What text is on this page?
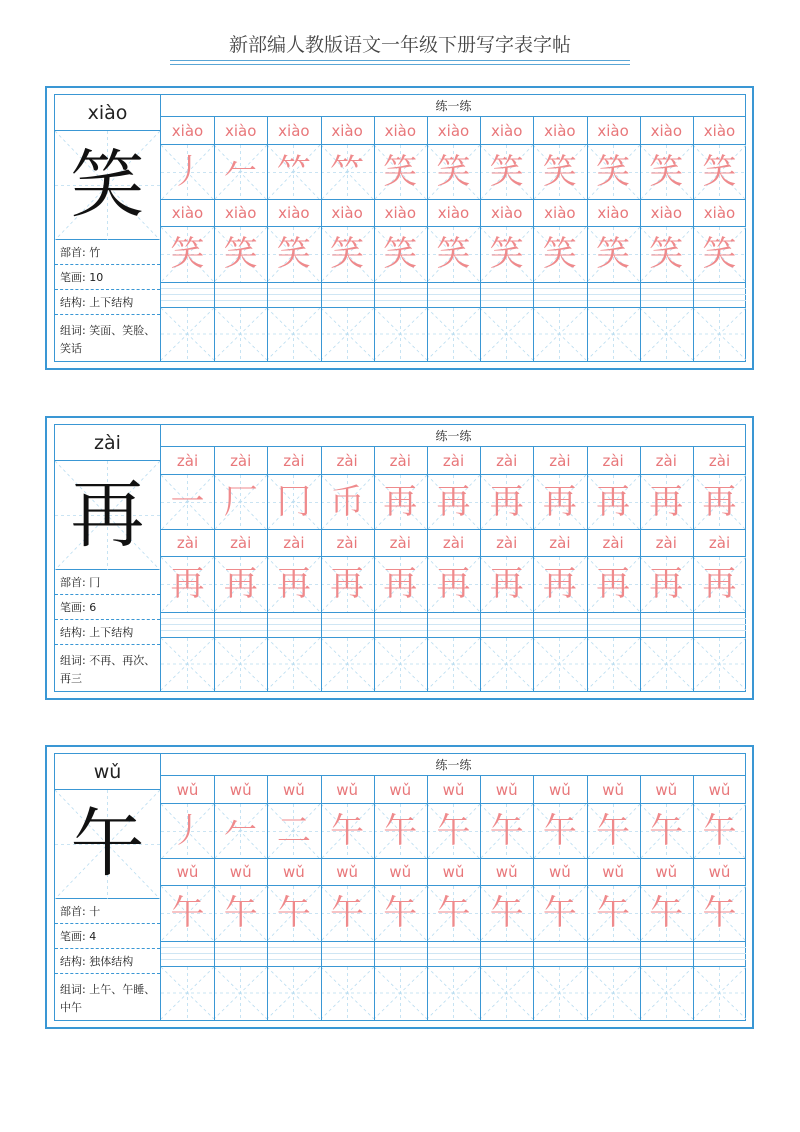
新部编人教版语文一年级下册写字表字帖
xiào
笑
部首: 竹
笔画: 10
结构: 上下结构
组词: 笑面、笑脸、笑话
练一练
xiào
丿
xiào
𠂉
xiào
𥫗
xiào
𥫗
xiào
笑
xiào
笑
xiào
笑
xiào
笑
xiào
笑
xiào
笑
xiào
笑
xiào
笑
xiào
笑
xiào
笑
xiào
笑
xiào
笑
xiào
笑
xiào
笑
xiào
笑
xiào
笑
xiào
笑
xiào
笑
zài
再
部首: 冂
笔画: 6
结构: 上下结构
组词: 不再、再次、再三
练一练
zài
一
zài
厂
zài
冂
zài
币
zài
再
zài
再
zài
再
zài
再
zài
再
zài
再
zài
再
zài
再
zài
再
zài
再
zài
再
zài
再
zài
再
zài
再
zài
再
zài
再
zài
再
zài
再
wǔ
午
部首: 十
笔画: 4
结构: 独体结构
组词: 上午、午睡、中午
练一练
wǔ
丿
wǔ
𠂉
wǔ
二
wǔ
午
wǔ
午
wǔ
午
wǔ
午
wǔ
午
wǔ
午
wǔ
午
wǔ
午
wǔ
午
wǔ
午
wǔ
午
wǔ
午
wǔ
午
wǔ
午
wǔ
午
wǔ
午
wǔ
午
wǔ
午
wǔ
午
